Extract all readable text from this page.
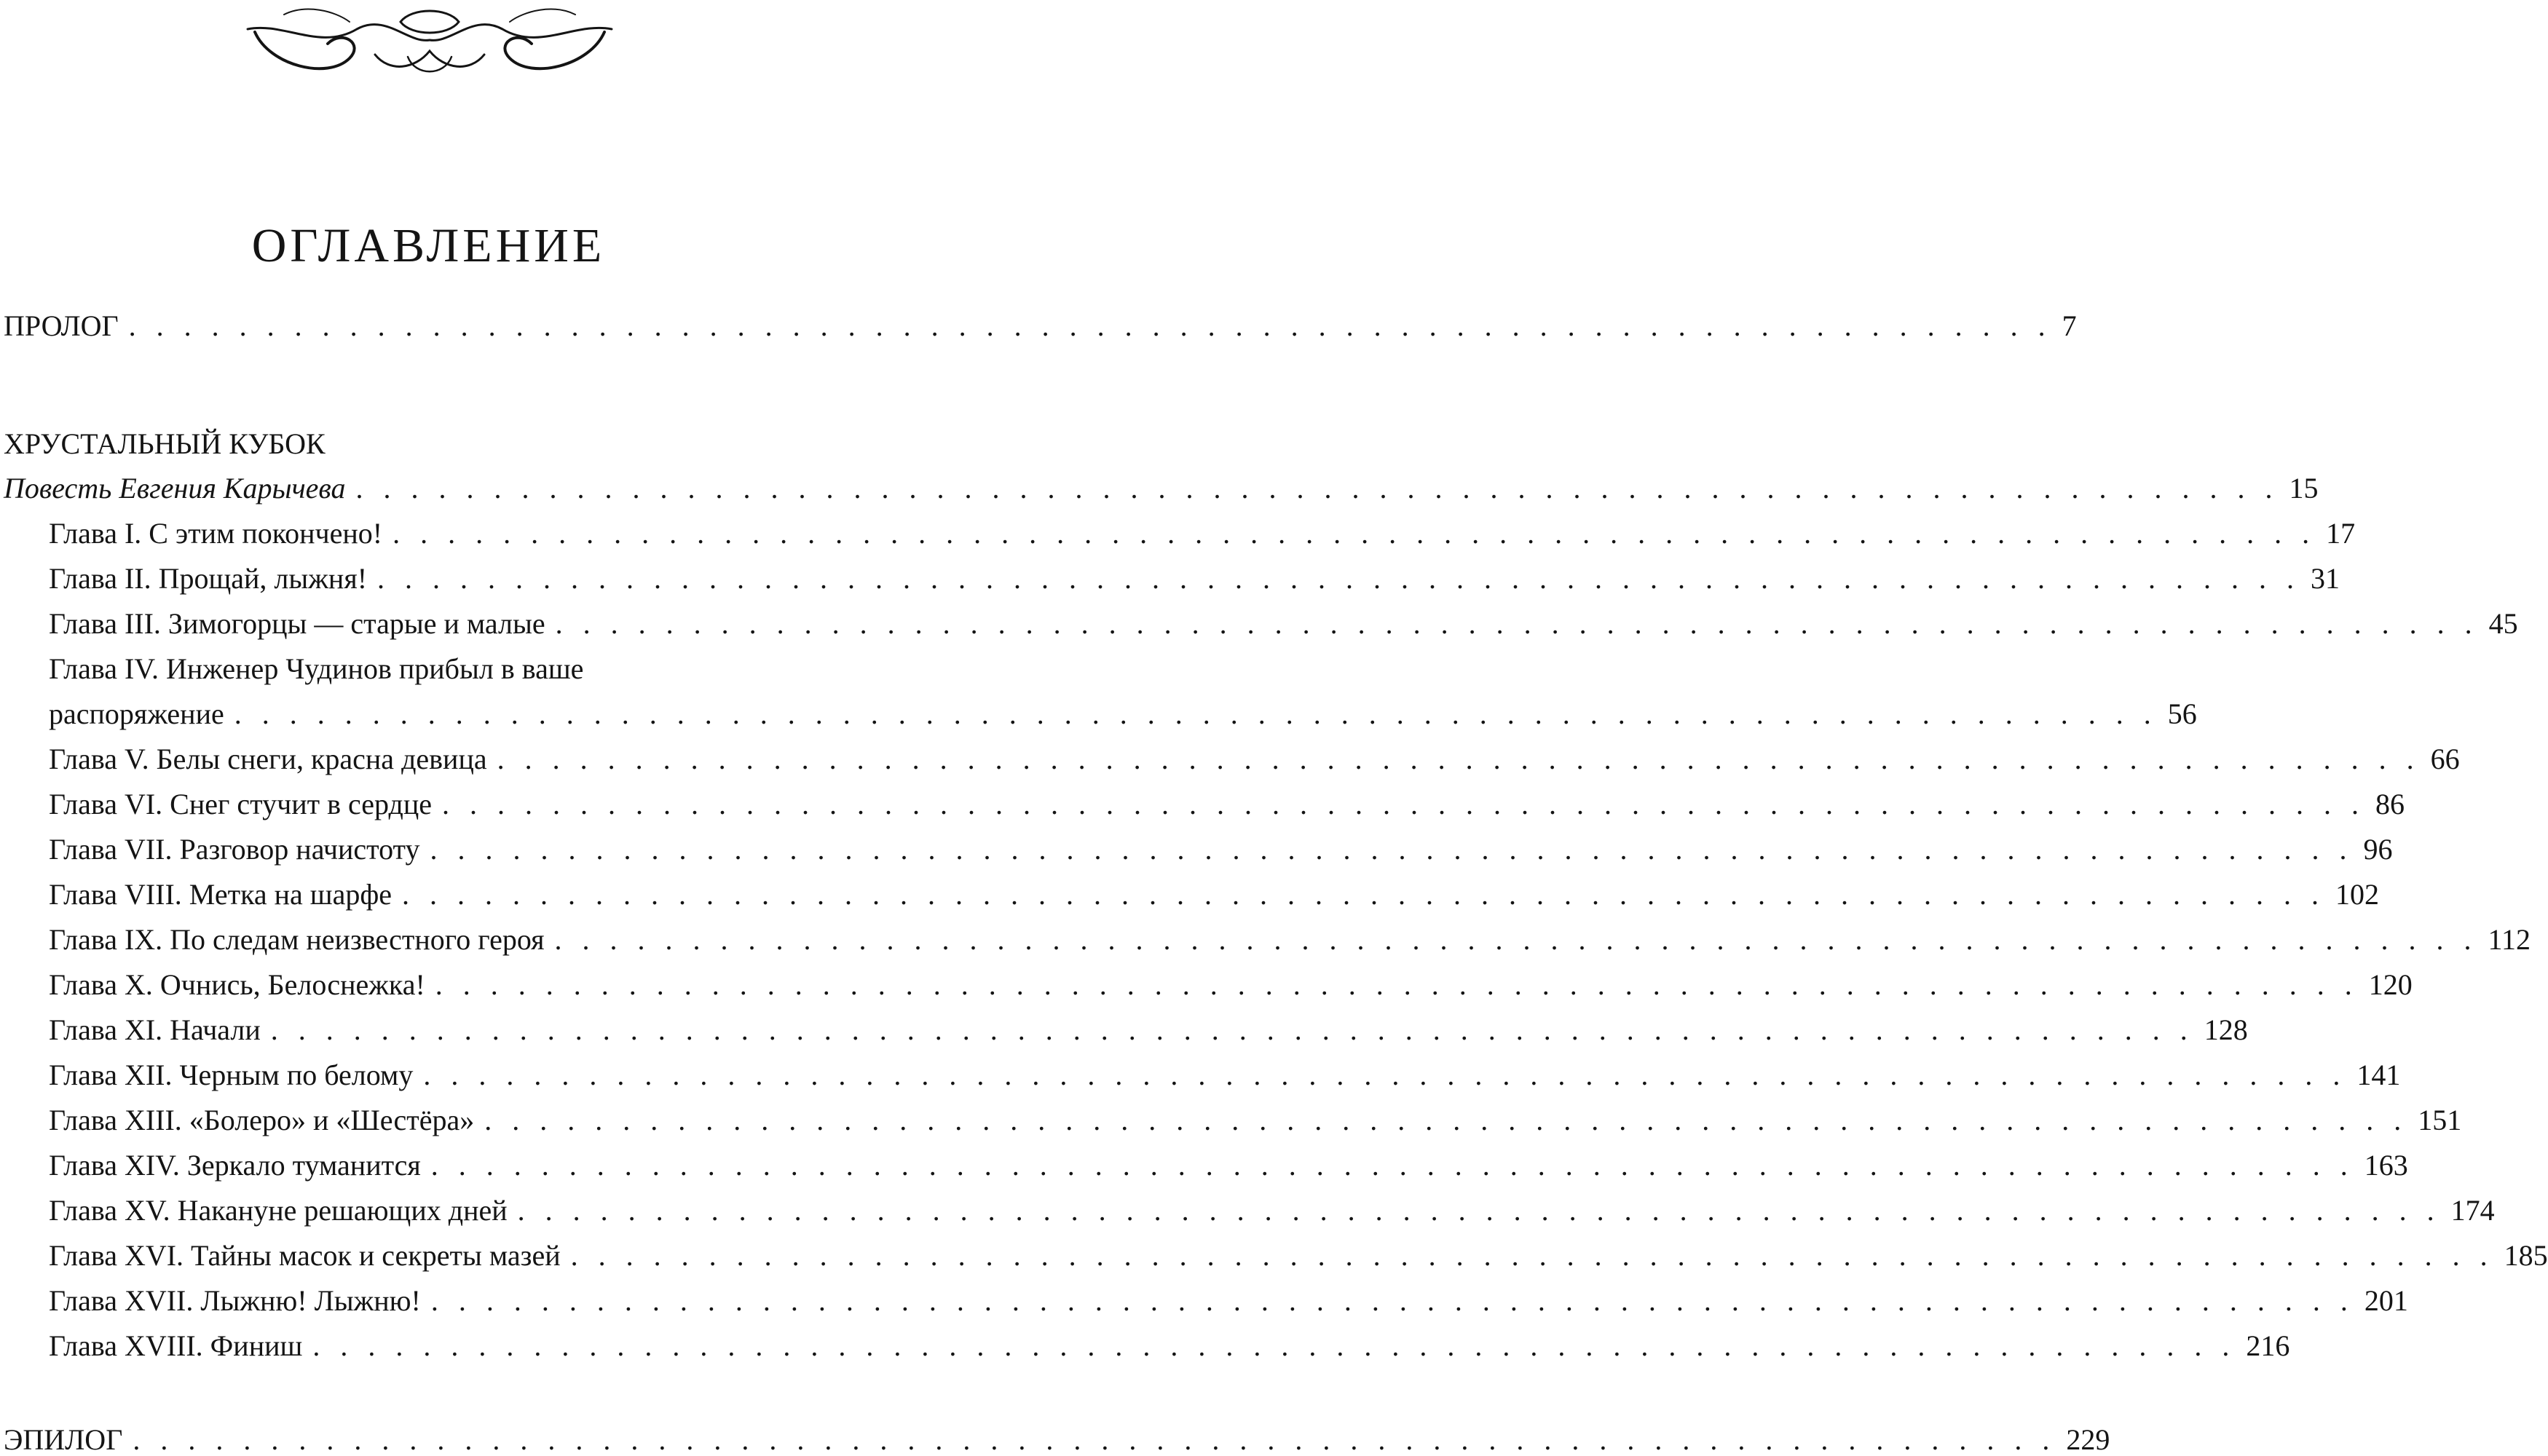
ОГЛАВЛЕНИЕ
ПРОЛОГ . . . . . . . . . . . . . . . . . . . . . . . . . . . . . . . . . . . . . . . . . . . . . . . . . . . . . . . . . . . . . . . . . . . . . . 7
ХРУСТАЛЬНЫЙ КУБОК
Повесть Евгения Карычева . . . . . . . . . . . . . . . . . . . . . . . . . . . . . . . . . . . . . . . . . . . . . . . . . . . . . . . . . . . . . . . . . . . . . . 15
Глава I. С этим покончено! . . . . . . . . . . . . . . . . . . . . . . . . . . . . . . . . . . . . . . . . . . . . . . . . . . . . . . . . . . . . . . . . . . . . . . 17
Глава II. Прощай, лыжня! . . . . . . . . . . . . . . . . . . . . . . . . . . . . . . . . . . . . . . . . . . . . . . . . . . . . . . . . . . . . . . . . . . . . . . 31
Глава III. Зимогорцы — старые и малые . . . . . . . . . . . . . . . . . . . . . . . . . . . . . . . . . . . . . . . . . . . . . . . . . . . . . . . . . . . . . . . . . . . . . . 45
Глава IV. Инженер Чудинов прибыл в ваше
распоряжение . . . . . . . . . . . . . . . . . . . . . . . . . . . . . . . . . . . . . . . . . . . . . . . . . . . . . . . . . . . . . . . . . . . . . . 56
Глава V. Белы снеги, красна девица . . . . . . . . . . . . . . . . . . . . . . . . . . . . . . . . . . . . . . . . . . . . . . . . . . . . . . . . . . . . . . . . . . . . . . 66
Глава VI. Снег стучит в сердце . . . . . . . . . . . . . . . . . . . . . . . . . . . . . . . . . . . . . . . . . . . . . . . . . . . . . . . . . . . . . . . . . . . . . . 86
Глава VII. Разговор начистоту . . . . . . . . . . . . . . . . . . . . . . . . . . . . . . . . . . . . . . . . . . . . . . . . . . . . . . . . . . . . . . . . . . . . . . 96
Глава VIII. Метка на шарфе . . . . . . . . . . . . . . . . . . . . . . . . . . . . . . . . . . . . . . . . . . . . . . . . . . . . . . . . . . . . . . . . . . . . . . 102
Глава IX. По следам неизвестного героя . . . . . . . . . . . . . . . . . . . . . . . . . . . . . . . . . . . . . . . . . . . . . . . . . . . . . . . . . . . . . . . . . . . . . . 112
Глава X. Очнись, Белоснежка! . . . . . . . . . . . . . . . . . . . . . . . . . . . . . . . . . . . . . . . . . . . . . . . . . . . . . . . . . . . . . . . . . . . . . . 120
Глава XI. Начали . . . . . . . . . . . . . . . . . . . . . . . . . . . . . . . . . . . . . . . . . . . . . . . . . . . . . . . . . . . . . . . . . . . . . . 128
Глава XII. Черным по белому . . . . . . . . . . . . . . . . . . . . . . . . . . . . . . . . . . . . . . . . . . . . . . . . . . . . . . . . . . . . . . . . . . . . . . 141
Глава XIII. «Болеро» и «Шестёра» . . . . . . . . . . . . . . . . . . . . . . . . . . . . . . . . . . . . . . . . . . . . . . . . . . . . . . . . . . . . . . . . . . . . . . 151
Глава XIV. Зеркало туманится . . . . . . . . . . . . . . . . . . . . . . . . . . . . . . . . . . . . . . . . . . . . . . . . . . . . . . . . . . . . . . . . . . . . . . 163
Глава XV. Накануне решающих дней . . . . . . . . . . . . . . . . . . . . . . . . . . . . . . . . . . . . . . . . . . . . . . . . . . . . . . . . . . . . . . . . . . . . . . 174
Глава XVI. Тайны масок и секреты мазей . . . . . . . . . . . . . . . . . . . . . . . . . . . . . . . . . . . . . . . . . . . . . . . . . . . . . . . . . . . . . . . . . . . . . . 185
Глава XVII. Лыжню! Лыжню! . . . . . . . . . . . . . . . . . . . . . . . . . . . . . . . . . . . . . . . . . . . . . . . . . . . . . . . . . . . . . . . . . . . . . . 201
Глава XVIII. Финиш . . . . . . . . . . . . . . . . . . . . . . . . . . . . . . . . . . . . . . . . . . . . . . . . . . . . . . . . . . . . . . . . . . . . . . 216
ЭПИЛОГ . . . . . . . . . . . . . . . . . . . . . . . . . . . . . . . . . . . . . . . . . . . . . . . . . . . . . . . . . . . . . . . . . . . . . . 229
